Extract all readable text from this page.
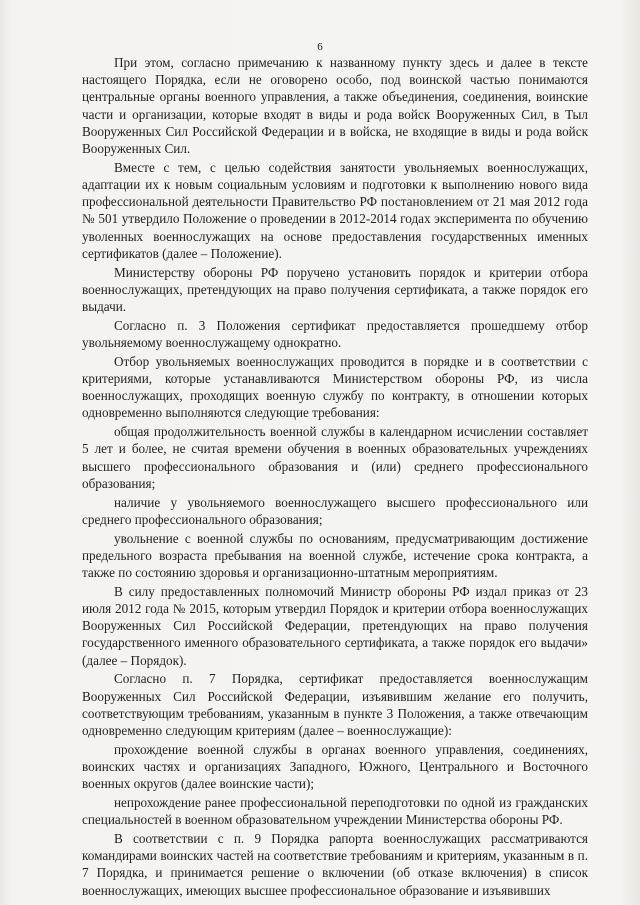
6

При этом, согласно примечанию к названному пункту здесь и далее в тексте настоящего Порядка, если не оговорено особо, под воинской частью понимаются центральные органы военного управления, а также объединения, соединения, воинские части и организации, которые входят в виды и рода войск Вооруженных Сил, в Тыл Вооруженных Сил Российской Федерации и в войска, не входящие в виды и рода войск Вооруженных Сил.

Вместе с тем, с целью содействия занятости увольняемых военнослужащих, адаптации их к новым социальным условиям и подготовки к выполнению нового вида профессиональной деятельности Правительство РФ постановлением от 21 мая 2012 года № 501 утвердило Положение о проведении в 2012-2014 годах эксперимента по обучению уволенных военнослужащих на основе предоставления государственных именных сертификатов (далее – Положение).

Министерству обороны РФ поручено установить порядок и критерии отбора военнослужащих, претендующих на право получения сертификата, а также порядок его выдачи.

Согласно п. 3 Положения сертификат предоставляется прошедшему отбор увольняемому военнослужащему однократно.

Отбор увольняемых военнослужащих проводится в порядке и в соответствии с критериями, которые устанавливаются Министерством обороны РФ, из числа военнослужащих, проходящих военную службу по контракту, в отношении которых одновременно выполняются следующие требования:

общая продолжительность военной службы в календарном исчислении составляет 5 лет и более, не считая времени обучения в военных образовательных учреждениях высшего профессионального образования и (или) среднего профессионального образования;

наличие у увольняемого военнослужащего высшего профессионального или среднего профессионального образования;

увольнение с военной службы по основаниям, предусматривающим достижение предельного возраста пребывания на военной службе, истечение срока контракта, а также по состоянию здоровья и организационно-штатным мероприятиям.

В силу предоставленных полномочий Министр обороны РФ издал приказ от 23 июля 2012 года № 2015, которым утвердил Порядок и критерии отбора военнослужащих Вооруженных Сил Российской Федерации, претендующих на право получения государственного именного образовательного сертификата, а также порядок его выдачи» (далее – Порядок).

Согласно п. 7 Порядка, сертификат предоставляется военнослужащим Вооруженных Сил Российской Федерации, изъявившим желание его получить, соответствующим требованиям, указанным в пункте 3 Положения, а также отвечающим одновременно следующим критериям (далее – военнослужащие):

прохождение военной службы в органах военного управления, соединениях, воинских частях и организациях Западного, Южного, Центрального и Восточного военных округов (далее воинские части);

непрохождение ранее профессиональной переподготовки по одной из гражданских специальностей в военном образовательном учреждении Министерства обороны РФ.

В соответствии с п. 9 Порядка рапорта военнослужащих рассматриваются командирами воинских частей на соответствие требованиям и критериям, указанным в п. 7 Порядка, и принимается решение о включении (об отказе включения) в список военнослужащих, имеющих высшее профессиональное образование и изъявивших
